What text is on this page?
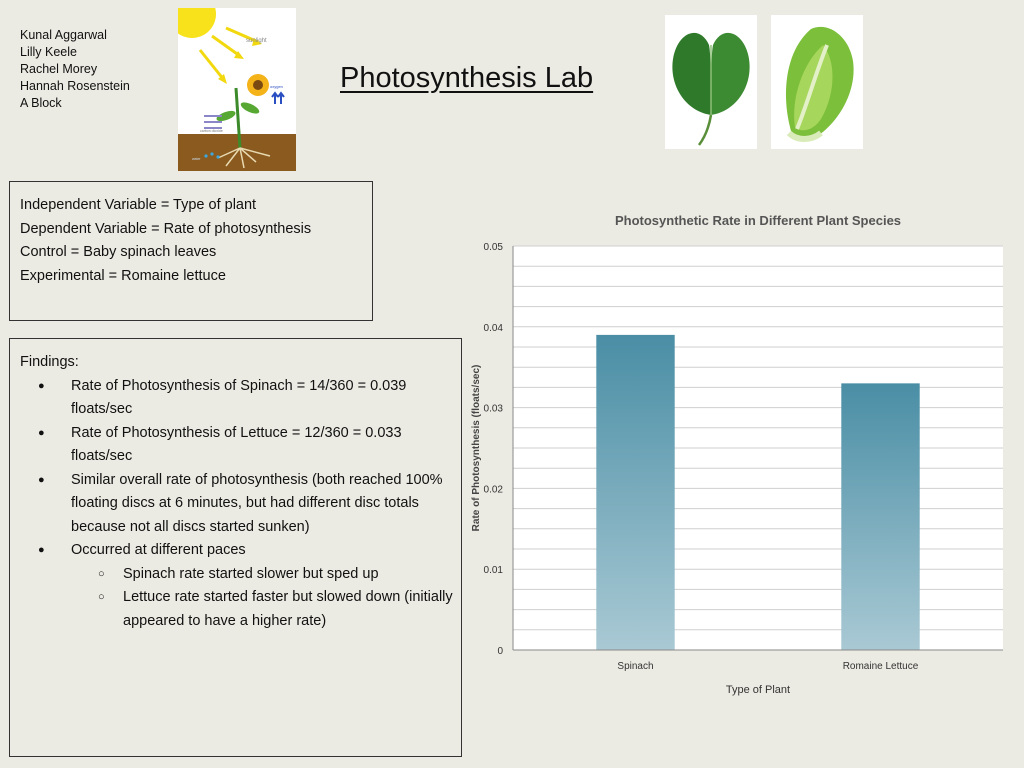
Kunal Aggarwal
Lilly Keele
Rachel Morey
Hannah Rosenstein
A Block
sunlight
oxygen
carbon dioxide
water
Photosynthesis Lab
Independent Variable = Type of plant
Dependent Variable = Rate of photosynthesis
Control = Baby spinach leaves
Experimental = Romaine lettuce
Findings:
● Rate of Photosynthesis of Spinach = 14/360 = 0.039 floats/sec
● Rate of Photosynthesis of Lettuce = 12/360 = 0.033 floats/sec
● Similar overall rate of photosynthesis (both reached 100% floating discs at 6 minutes, but had different disc totals because not all discs started sunken)
● Occurred at different paces
○ Spinach rate started slower but sped up
○ Lettuce rate started faster but slowed down (initially appeared to have a higher rate)
Photosynthetic Rate in Different Plant Species
Type of Plant
Rate of Photosynthesis (floats/sec)
0
0.01
0.02
0.03
0.04
0.05
Spinach	Romaine Lettuce
